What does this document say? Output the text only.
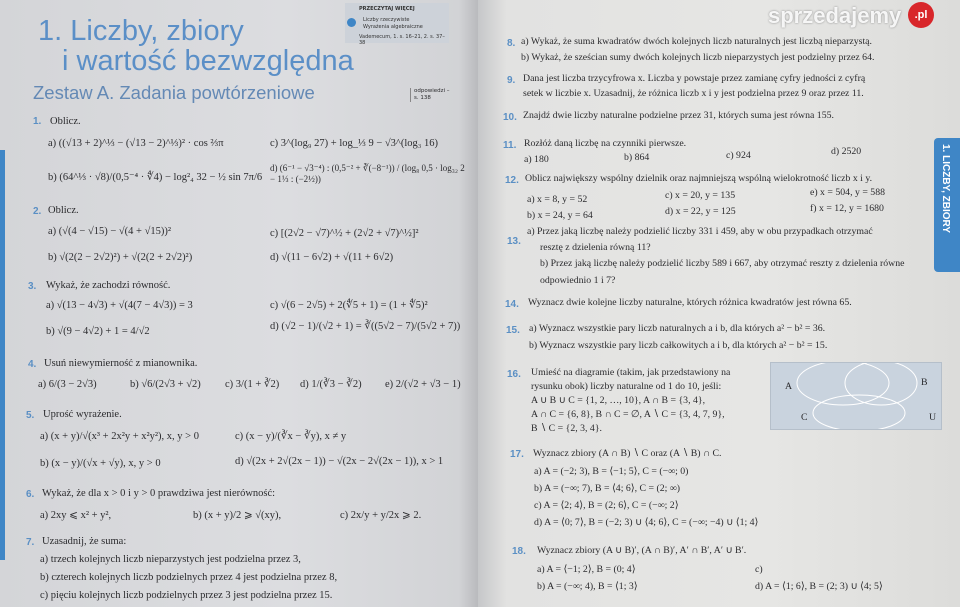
1. Liczby, zbiory
i wartość bezwzględna
PRZECZYTAJ WIĘCEJ
Liczby rzeczywiste
Wyrażenia algebraiczne
Vademecum, 1. s. 16–21, 2. s. 37–38
Zestaw A. Zadania powtórzeniowe	odpowiedzi – s. 138
1. Oblicz.
a) ((√13 + 2)^⅓ − (√13 − 2)^⅓)² · cos ⅔π
b) (64^⅓ · √8)/(0,5⁻⁴ · ∜4) − log²₄ 32 − ½ sin 7π/6
c) 3^(log₉ 27) + log_⅓ 9 − √3^(log₃ 16)
d) (6⁻¹ − √3⁻⁴) : (0,5⁻² + ∛(−8⁻¹)) / (log₈ 0,5 · log₃₂ 2 − 1⅓ : (−2½))
2. Oblicz.
a) (√(4 − √15) − √(4 + √15))²
b) √(2(2 − 2√2)²) + √(2(2 + 2√2)²)
c) [(2√2 − √7)^½ + (2√2 + √7)^½]²
d) √(11 − 6√2) + √(11 + 6√2)
3. Wykaż, że zachodzi równość.
a) √(13 − 4√3) + √(4(7 − 4√3)) = 3
b) √(9 − 4√2) + 1 = 4/√2
c) √(6 − 2√5) + 2(∜5 + 1) = (1 + ∜5)²
d) (√2 − 1)/(√2 + 1) = ∛((5√2 − 7)/(5√2 + 7))
4. Usuń niewymierność z mianownika.
a) 6/(3 − 2√3)	b) √6/(2√3 + √2) c) 3/(1 + ∛2) d) 1/(∛3 − ∛2) e) 2/(√2 + √3 − 1)
5. Uprość wyrażenie.
a) (x + y)/√(x³ + 2x²y + x²y²), x, y > 0
b) (x − y)/(√x + √y), x, y > 0
c) (x − y)/(∛x − ∛y), x ≠ y
d) √(2x + 2√(2x − 1)) − √(2x − 2√(2x − 1)), x > 1
6. Wykaż, że dla x > 0 i y > 0 prawdziwa jest nierówność:
a) 2xy ⩽ x² + y²,	b) (x + y)/2 ⩾ √(xy),	c) 2x/y + y/2x ⩾ 2.
7. Uzasadnij, że suma:
a) trzech kolejnych liczb nieparzystych jest podzielna przez 3,
b) czterech kolejnych liczb podzielnych przez 4 jest podzielna przez 8,
c) pięciu kolejnych liczb podzielnych przez 3 jest podzielna przez 15.
1. LICZBY, ZBIORY
8. a) Wykaż, że suma kwadratów dwóch kolejnych liczb naturalnych jest liczbą nieparzystą.
b) Wykaż, że sześcian sumy dwóch kolejnych liczb nieparzystych jest podzielny przez 64.
9. Dana jest liczba trzycyfrowa x. Liczba y powstaje przez zamianę cyfry jedności z cyfrą
setek w liczbie x. Uzasadnij, że różnica liczb x i y jest podzielna przez 9 oraz przez 11.
10. Znajdź dwie liczby naturalne podzielne przez 31, których suma jest równa 155.
11. Rozłóż daną liczbę na czynniki pierwsze.
a) 180	b) 864	c) 924	d) 2520
12. Oblicz największy wspólny dzielnik oraz najmniejszą wspólną wielokrotność liczb x i y.
a) x = 8, y = 52
b) x = 24, y = 64
c) x = 20, y = 135
d) x = 22, y = 125
e) x = 504, y = 588
f) x = 12, y = 1680
13.
a) Przez jaką liczbę należy podzielić liczby 331 i 459, aby w obu przypadkach otrzymać
resztę z dzielenia równą 11?
b) Przez jaką liczbę należy podzielić liczby 589 i 667, aby otrzymać reszty z dzielenia równe
odpowiednio 1 i 7?
14. Wyznacz dwie kolejne liczby naturalne, których różnica kwadratów jest równa 65.
15. a) Wyznacz wszystkie pary liczb naturalnych a i b, dla których a² − b² = 36.
b) Wyznacz wszystkie pary liczb całkowitych a i b, dla których a² − b² = 15.
16. Umieść na diagramie (takim, jak przedstawiony na
rysunku obok) liczby naturalne od 1 do 10, jeśli:
A ∪ B ∪ C = {1, 2, …, 10}, A ∩ B = {3, 4},
A ∩ C = {6, 8}, B ∩ C = ∅, A ∖ C = {3, 4, 7, 9},
B ∖ C = {2, 3, 4}.
A	B
C	U
17. Wyznacz zbiory (A ∩ B) ∖ C oraz (A ∖ B) ∩ C.
a) A = (−2; 3), B = ⟨−1; 5⟩, C = (−∞; 0)
b) A = (−∞; 7), B = ⟨4; 6⟩, C = (2; ∞)
c) A = ⟨2; 4⟩, B = (2; 6⟩, C = (−∞; 2⟩
d) A = ⟨0; 7⟩, B = (−2; 3) ∪ ⟨4; 6⟩, C = (−∞; −4) ∪ ⟨1; 4⟩
18. Wyznacz zbiory (A ∪ B)′, (A ∩ B)′, A′ ∩ B′, A′ ∪ B′.
a) A = ⟨−1; 2⟩, B = (0; 4⟩
b) A = (−∞; 4), B = ⟨1; 3⟩
c)
d) A = ⟨1; 6⟩, B = (2; 3) ∪ ⟨4; 5⟩
sprzedajemy	.pl
